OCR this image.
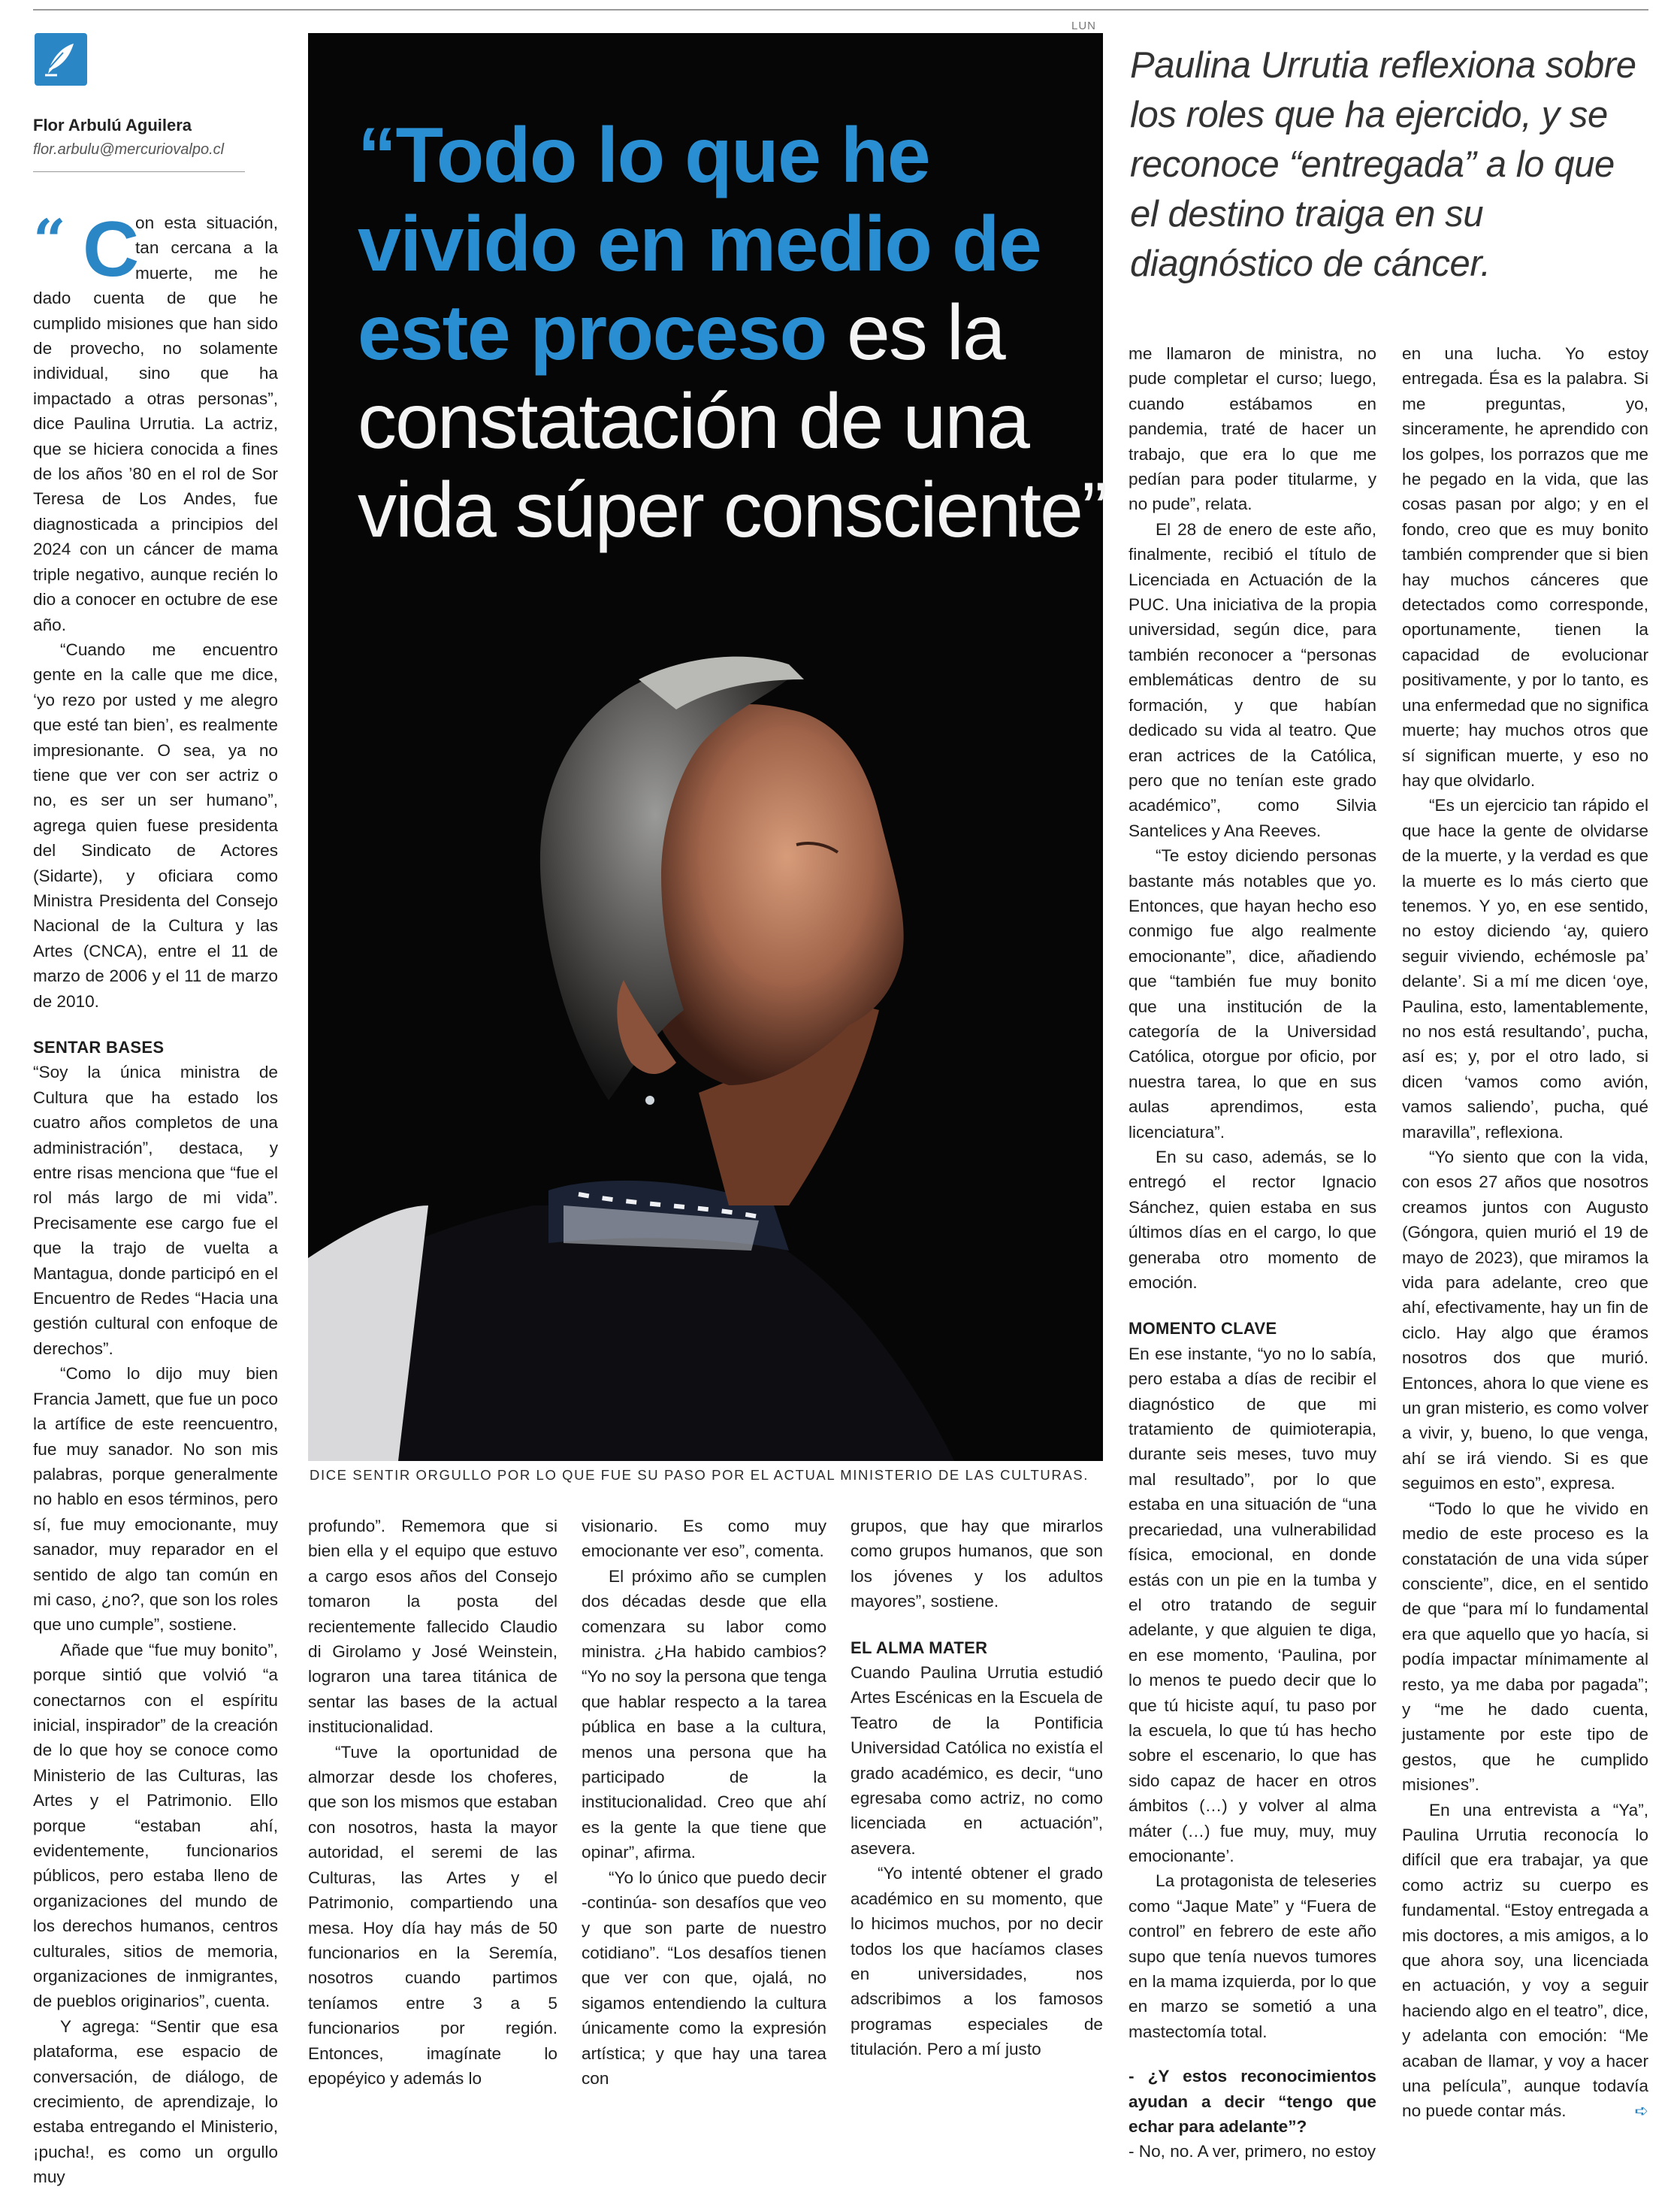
LUN
Flor Arbulú Aguilera
flor.arbulu@mercuriovalpo.cl

“ C
on esta situación, tan cercana a la muerte, me he dado cuenta de que he cumplido misiones que han sido de provecho, no solamente individual, sino que ha impactado a otras personas”, dice Paulina Urrutia. La actriz, que se hiciera conocida a fines de los años ’80 en el rol de Sor Teresa de Los Andes, fue diagnosticada a principios del 2024 con un cáncer de mama triple negativo, aunque recién lo dio a conocer en octubre de ese año.

“Cuando me encuentro gente en la calle que me dice, ‘yo rezo por usted y me alegro que esté tan bien’, es realmente impresionante. O sea, ya no tiene que ver con ser actriz o no, es ser un ser humano”, agrega quien fuese presidenta del Sindicato de Actores (Sidarte), y oficiara como Ministra Presidenta del Consejo Nacional de la Cultura y las Artes (CNCA), entre el 11 de marzo de 2006 y el 11 de marzo de 2010.

SENTAR BASES

“Soy la única ministra de Cultura que ha estado los cuatro años completos de una administración”, destaca, y entre risas menciona que “fue el rol más largo de mi vida”. Precisamente ese cargo fue el que la trajo de vuelta a Mantagua, donde participó en el Encuentro de Redes “Hacia una gestión cultural con enfoque de derechos”.

“Como lo dijo muy bien Francia Jamett, que fue un poco la artífice de este reencuentro, fue muy sanador. No son mis palabras, porque generalmente no hablo en esos términos, pero sí, fue muy emocionante, muy sanador, muy reparador en el sentido de algo tan común en mi caso, ¿no?, que son los roles que uno cumple”, sostiene.

Añade que “fue muy bonito”, porque sintió que volvió “a conectarnos con el espíritu inicial, inspirador” de la creación de lo que hoy se conoce como Ministerio de las Culturas, las Artes y el Patrimonio. Ello porque “estaban ahí, evidentemente, funcionarios públicos, pero estaba lleno de organizaciones del mundo de los derechos humanos, centros culturales, sitios de memoria, organizaciones de inmigrantes, de pueblos originarios”, cuenta.

Y agrega: “Sentir que esa plataforma, ese espacio de conversación, de diálogo, de crecimiento, de aprendizaje, lo estaba entregando el Ministerio, ¡pucha!, es como un orgullo muy

“Todo lo que he vivido en medio de este proceso es la constatación de una vida súper consciente”
DICE SENTIR ORGULLO POR LO QUE FUE SU PASO POR EL ACTUAL MINISTERIO DE LAS CULTURAS.
Paulina Urrutia reflexiona sobre los roles que ha ejercido, y se reconoce “entregada” a lo que el destino traiga en su diagnóstico de cáncer.

profundo”. Rememora que si bien ella y el equipo que estuvo a cargo esos años del Consejo tomaron la posta del recientemente fallecido Claudio di Girolamo y José Weinstein, lograron una tarea titánica de sentar las bases de la actual institucionalidad.

“Tuve la oportunidad de almorzar desde los choferes, que son los mismos que estaban con nosotros, hasta la mayor autoridad, el seremi de las Culturas, las Artes y el Patrimonio, compartiendo una mesa. Hoy día hay más de 50 funcionarios en la Seremía, nosotros cuando partimos teníamos entre 3 a 5 funcionarios por región. Entonces, imagínate lo epopéyico y además lo

visionario. Es como muy emocionante ver eso”, comenta.

El próximo año se cumplen dos décadas desde que ella comenzara su labor como ministra. ¿Ha habido cambios? “Yo no soy la persona que tenga que hablar respecto a la tarea pública en base a la cultura, menos una persona que ha participado de la institucionalidad. Creo que ahí es la gente la que tiene que opinar”, afirma.

“Yo lo único que puedo decir -continúa- son desafíos que veo y que son parte de nuestro cotidiano”. “Los desafíos tienen que ver con que, ojalá, no sigamos entendiendo la cultura únicamente como la expresión artística; y que hay una tarea con

grupos, que hay que mirarlos como grupos humanos, que son los jóvenes y los adultos mayores”, sostiene.

EL ALMA MATER

Cuando Paulina Urrutia estudió Artes Escénicas en la Escuela de Teatro de la Pontificia Universidad Católica no existía el grado académico, es decir, “uno egresaba como actriz, no como licenciada en actuación”, asevera.

“Yo intenté obtener el grado académico en su momento, que lo hicimos muchos, por no decir todos los que hacíamos clases en universidades, nos adscribimos a los famosos programas especiales de titulación. Pero a mí justo

me llamaron de ministra, no pude completar el curso; luego, cuando estábamos en pandemia, traté de hacer un trabajo, que era lo que me pedían para poder titularme, y no pude”, relata.

El 28 de enero de este año, finalmente, recibió el título de Licenciada en Actuación de la PUC. Una iniciativa de la propia universidad, según dice, para también reconocer a “personas emblemáticas dentro de su formación, y que habían dedicado su vida al teatro. Que eran actrices de la Católica, pero que no tenían este grado académico”, como Silvia Santelices y Ana Reeves.

“Te estoy diciendo personas bastante más notables que yo. Entonces, que hayan hecho eso conmigo fue algo realmente emocionante”, dice, añadiendo que “también fue muy bonito que una institución de la categoría de la Universidad Católica, otorgue por oficio, por nuestra tarea, lo que en sus aulas aprendimos, esta licenciatura”.

En su caso, además, se lo entregó el rector Ignacio Sánchez, quien estaba en sus últimos días en el cargo, lo que generaba otro momento de emoción.

MOMENTO CLAVE

En ese instante, “yo no lo sabía, pero estaba a días de recibir el diagnóstico de que mi tratamiento de quimioterapia, durante seis meses, tuvo muy mal resultado”, por lo que estaba en una situación de “una precariedad, una vulnerabilidad física, emocional, en donde estás con un pie en la tumba y el otro tratando de seguir adelante, y que alguien te diga, en ese momento, ‘Paulina, por lo menos te puedo decir que lo que tú hiciste aquí, tu paso por la escuela, lo que tú has hecho sobre el escenario, lo que has sido capaz de hacer en otros ámbitos (…) y volver al alma máter (…) fue muy, muy, muy emocionante’.

La protagonista de teleseries como “Jaque Mate” y “Fuera de control” en febrero de este año supo que tenía nuevos tumores en la mama izquierda, por lo que en marzo se sometió a una mastectomía total.

- ¿Y estos reconocimientos ayudan a decir “tengo que echar para adelante”?

- No, no. A ver, primero, no estoy

en una lucha. Yo estoy entregada. Ésa es la palabra. Si me preguntas, yo, sinceramente, he aprendido con los golpes, los porrazos que me he pegado en la vida, que las cosas pasan por algo; y en el fondo, creo que es muy bonito también comprender que si bien hay muchos cánceres que detectados como corresponde, oportunamente, tienen la capacidad de evolucionar positivamente, y por lo tanto, es una enfermedad que no significa muerte; hay muchos otros que sí significan muerte, y eso no hay que olvidarlo.

“Es un ejercicio tan rápido el que hace la gente de olvidarse de la muerte, y la verdad es que la muerte es lo más cierto que tenemos. Y yo, en ese sentido, no estoy diciendo ‘ay, quiero seguir viviendo, echémosle pa’ delante’. Si a mí me dicen ‘oye, Paulina, esto, lamentablemente, no nos está resultando’, pucha, así es; y, por el otro lado, si dicen ‘vamos como avión, vamos saliendo’, pucha, qué maravilla”, reflexiona.

“Yo siento que con la vida, con esos 27 años que nosotros creamos juntos con Augusto (Góngora, quien murió el 19 de mayo de 2023), que miramos la vida para adelante, creo que ahí, efectivamente, hay un fin de ciclo. Hay algo que éramos nosotros dos que murió. Entonces, ahora lo que viene es un gran misterio, es como volver a vivir, y, bueno, lo que venga, ahí se irá viendo. Si es que seguimos en esto”, expresa.

“Todo lo que he vivido en medio de este proceso es la constatación de una vida súper consciente”, dice, en el sentido de que “para mí lo fundamental era que aquello que yo hacía, si podía impactar mínimamente al resto, ya me daba por pagada”; y “me he dado cuenta, justamente por este tipo de gestos, que he cumplido misiones”.

En una entrevista a “Ya”, Paulina Urrutia reconocía lo difícil que era trabajar, ya que como actriz su cuerpo es fundamental. “Estoy entregada a mis doctores, a mis amigos, a lo que ahora soy, una licenciada en actuación, y voy a seguir haciendo algo en el teatro”, dice, y adelanta con emoción: “Me acaban de llamar, y voy a hacer una película”, aunque todavía no puede contar más.	➪
